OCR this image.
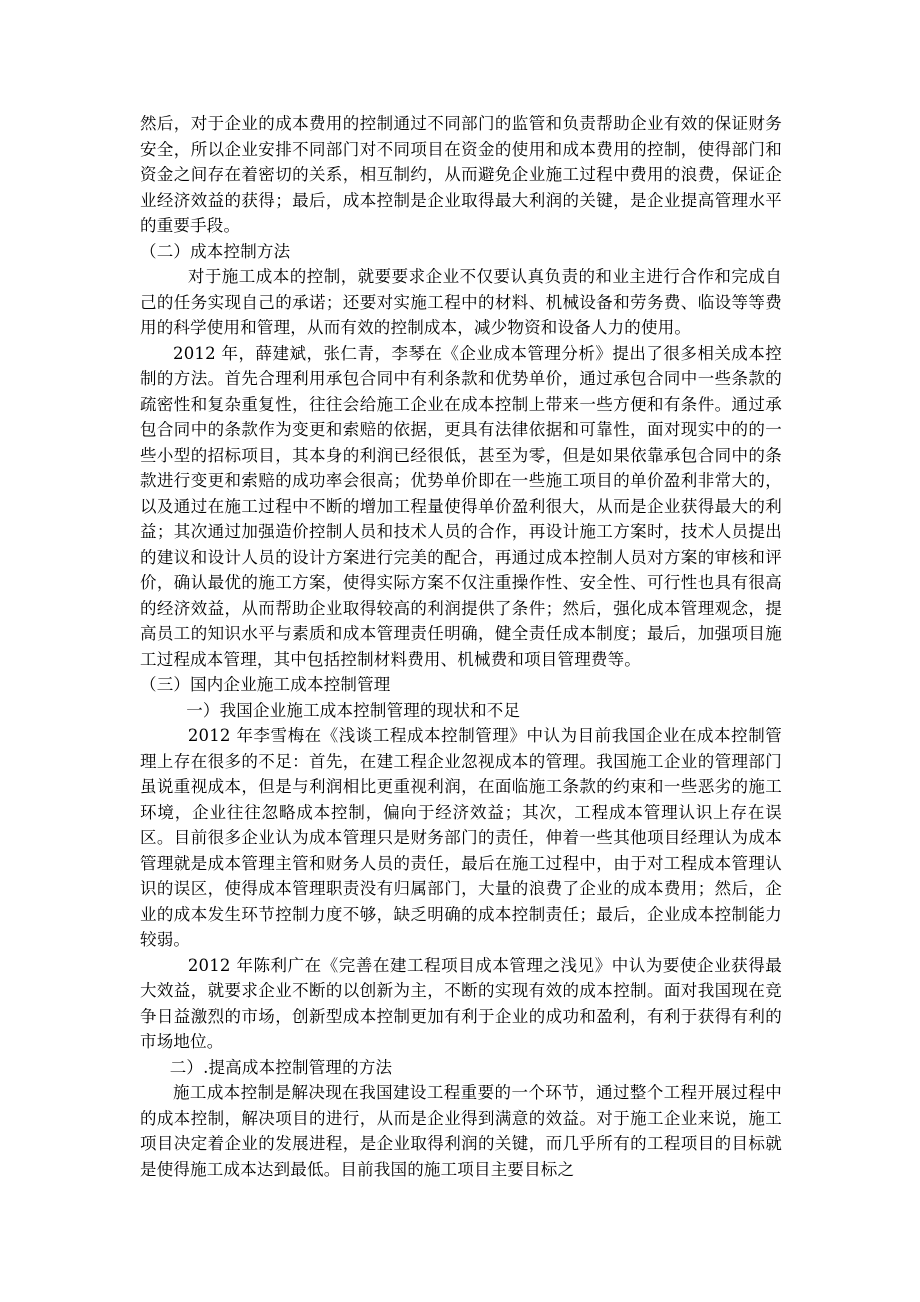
然后，对于企业的成本费用的控制通过不同部门的监管和负责帮助企业有效的保证财务安全，所以企业安排不同部门对不同项目在资金的使用和成本费用的控制，使得部门和资金之间存在着密切的关系，相互制约，从而避免企业施工过程中费用的浪费，保证企业经济效益的获得；最后，成本控制是企业取得最大利润的关键，是企业提高管理水平的重要手段。

（二）成本控制方法

对于施工成本的控制，就要要求企业不仅要认真负责的和业主进行合作和完成自己的任务实现自己的承诺；还要对实施工程中的材料、机械设备和劳务费、临设等等费用的科学使用和管理，从而有效的控制成本，减少物资和设备人力的使用。

2012 年，薛建斌，张仁青，李琴在《企业成本管理分析》提出了很多相关成本控制的方法。首先合理利用承包合同中有利条款和优势单价，通过承包合同中一些条款的疏密性和复杂重复性，往往会给施工企业在成本控制上带来一些方便和有条件。通过承包合同中的条款作为变更和索赔的依据，更具有法律依据和可靠性，面对现实中的的一些小型的招标项目，其本身的利润已经很低，甚至为零，但是如果依靠承包合同中的条款进行变更和索赔的成功率会很高；优势单价即在一些施工项目的单价盈利非常大的，以及通过在施工过程中不断的增加工程量使得单价盈利很大，从而是企业获得最大的利益；其次通过加强造价控制人员和技术人员的合作，再设计施工方案时，技术人员提出的建议和设计人员的设计方案进行完美的配合，再通过成本控制人员对方案的审核和评价，确认最优的施工方案，使得实际方案不仅注重操作性、安全性、可行性也具有很高的经济效益，从而帮助企业取得较高的利润提供了条件；然后，强化成本管理观念，提高员工的知识水平与素质和成本管理责任明确，健全责任成本制度；最后，加强项目施工过程成本管理，其中包括控制材料费用、机械费和项目管理费等。

（三）国内企业施工成本控制管理

一）我国企业施工成本控制管理的现状和不足

2012 年李雪梅在《浅谈工程成本控制管理》中认为目前我国企业在成本控制管理上存在很多的不足：首先，在建工程企业忽视成本的管理。我国施工企业的管理部门虽说重视成本，但是与利润相比更重视利润，在面临施工条款的约束和一些恶劣的施工环境，企业往往忽略成本控制，偏向于经济效益；其次，工程成本管理认识上存在误区。目前很多企业认为成本管理只是财务部门的责任，伸着一些其他项目经理认为成本管理就是成本管理主管和财务人员的责任，最后在施工过程中，由于对工程成本管理认识的误区，使得成本管理职责没有归属部门，大量的浪费了企业的成本费用；然后，企业的成本发生环节控制力度不够，缺乏明确的成本控制责任；最后，企业成本控制能力较弱。

2012 年陈利广在《完善在建工程项目成本管理之浅见》中认为要使企业获得最大效益，就要求企业不断的以创新为主，不断的实现有效的成本控制。面对我国现在竞争日益激烈的市场，创新型成本控制更加有利于企业的成功和盈利，有利于获得有利的市场地位。

二）.提高成本控制管理的方法

施工成本控制是解决现在我国建设工程重要的一个环节，通过整个工程开展过程中的成本控制，解决项目的进行，从而是企业得到满意的效益。对于施工企业来说，施工项目决定着企业的发展进程，是企业取得利润的关键，而几乎所有的工程项目的目标就是使得施工成本达到最低。目前我国的施工项目主要目标之
